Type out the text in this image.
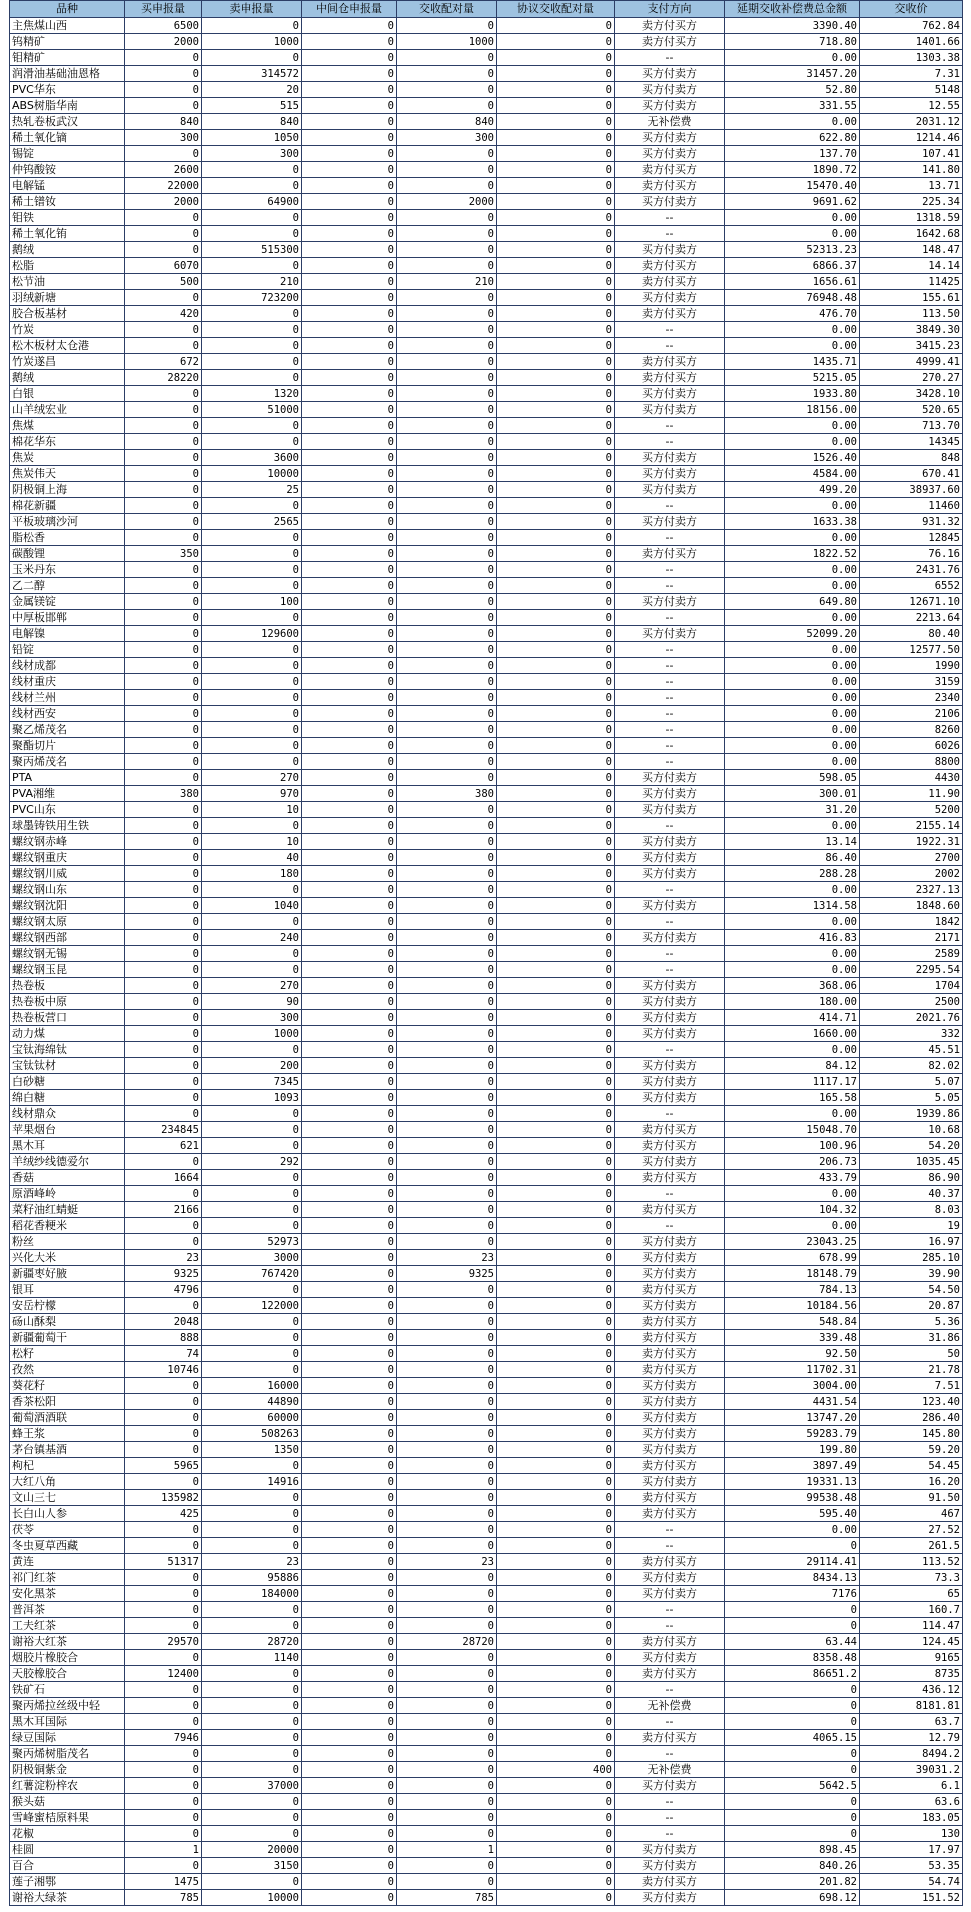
品种	买申报量	卖申报量	中间仓申报量	交收配对量	协议交收配对量	支付方向	延期交收补偿费总金额	交收价
主焦煤山西	6500	0	0	0	0	卖方付买方	3390.40	762.84
钨精矿	2000	1000	0	1000	0	卖方付买方	718.80	1401.66
钼精矿	0	0	0	0	0	--	0.00	1303.38
润滑油基础油恩格	0	314572	0	0	0	买方付卖方	31457.20	7.31
PVC华东	0	20	0	0	0	买方付卖方	52.80	5148
ABS树脂华南	0	515	0	0	0	买方付卖方	331.55	12.55
热轧卷板武汉	840	840	0	840	0	无补偿费	0.00	2031.12
稀土氧化镝	300	1050	0	300	0	买方付卖方	622.80	1214.46
锡锭	0	300	0	0	0	买方付卖方	137.70	107.41
仲钨酸铵	2600	0	0	0	0	卖方付买方	1890.72	141.80
电解锰	22000	0	0	0	0	卖方付买方	15470.40	13.71
稀土镨钕	2000	64900	0	2000	0	买方付卖方	9691.62	225.34
钼铁	0	0	0	0	0	--	0.00	1318.59
稀土氧化铕	0	0	0	0	0	--	0.00	1642.68
鹅绒	0	515300	0	0	0	买方付卖方	52313.23	148.47
松脂	6070	0	0	0	0	卖方付买方	6866.37	14.14
松节油	500	210	0	210	0	卖方付买方	1656.61	11425
羽绒新塘	0	723200	0	0	0	买方付卖方	76948.48	155.61
胶合板基材	420	0	0	0	0	卖方付买方	476.70	113.50
竹炭	0	0	0	0	0	--	0.00	3849.30
松木板材太仓港	0	0	0	0	0	--	0.00	3415.23
竹炭遂昌	672	0	0	0	0	卖方付买方	1435.71	4999.41
鹅绒	28220	0	0	0	0	卖方付买方	5215.05	270.27
白银	0	1320	0	0	0	买方付卖方	1933.80	3428.10
山羊绒宏业	0	51000	0	0	0	买方付卖方	18156.00	520.65
焦煤	0	0	0	0	0	--	0.00	713.70
棉花华东	0	0	0	0	0	--	0.00	14345
焦炭	0	3600	0	0	0	买方付卖方	1526.40	848
焦炭伟天	0	10000	0	0	0	买方付卖方	4584.00	670.41
阴极铜上海	0	25	0	0	0	买方付卖方	499.20	38937.60
棉花新疆	0	0	0	0	0	--	0.00	11460
平板玻璃沙河	0	2565	0	0	0	买方付卖方	1633.38	931.32
脂松香	0	0	0	0	0	--	0.00	12845
碳酸锂	350	0	0	0	0	卖方付买方	1822.52	76.16
玉米丹东	0	0	0	0	0	--	0.00	2431.76
乙二醇	0	0	0	0	0	--	0.00	6552
金属镁锭	0	100	0	0	0	买方付卖方	649.80	12671.10
中厚板邯郸	0	0	0	0	0	--	0.00	2213.64
电解镍	0	129600	0	0	0	买方付卖方	52099.20	80.40
铅锭	0	0	0	0	0	--	0.00	12577.50
线材成都	0	0	0	0	0	--	0.00	1990
线材重庆	0	0	0	0	0	--	0.00	3159
线材兰州	0	0	0	0	0	--	0.00	2340
线材西安	0	0	0	0	0	--	0.00	2106
聚乙烯茂名	0	0	0	0	0	--	0.00	8260
聚酯切片	0	0	0	0	0	--	0.00	6026
聚丙烯茂名	0	0	0	0	0	--	0.00	8800
PTA	0	270	0	0	0	买方付卖方	598.05	4430
PVA湘维	380	970	0	380	0	买方付卖方	300.01	11.90
PVC山东	0	10	0	0	0	买方付卖方	31.20	5200
球墨铸铁用生铁	0	0	0	0	0	--	0.00	2155.14
螺纹钢赤峰	0	10	0	0	0	买方付卖方	13.14	1922.31
螺纹钢重庆	0	40	0	0	0	买方付卖方	86.40	2700
螺纹钢川威	0	180	0	0	0	买方付卖方	288.28	2002
螺纹钢山东	0	0	0	0	0	--	0.00	2327.13
螺纹钢沈阳	0	1040	0	0	0	买方付卖方	1314.58	1848.60
螺纹钢太原	0	0	0	0	0	--	0.00	1842
螺纹钢西部	0	240	0	0	0	买方付卖方	416.83	2171
螺纹钢无锡	0	0	0	0	0	--	0.00	2589
螺纹钢玉昆	0	0	0	0	0	--	0.00	2295.54
热卷板	0	270	0	0	0	买方付卖方	368.06	1704
热卷板中原	0	90	0	0	0	买方付卖方	180.00	2500
热卷板营口	0	300	0	0	0	买方付卖方	414.71	2021.76
动力煤	0	1000	0	0	0	买方付卖方	1660.00	332
宝钛海绵钛	0	0	0	0	0	--	0.00	45.51
宝钛钛材	0	200	0	0	0	买方付卖方	84.12	82.02
白砂糖	0	7345	0	0	0	买方付卖方	1117.17	5.07
绵白糖	0	1093	0	0	0	买方付卖方	165.58	5.05
线材鼎众	0	0	0	0	0	--	0.00	1939.86
苹果烟台	234845	0	0	0	0	卖方付买方	15048.70	10.68
黑木耳	621	0	0	0	0	卖方付买方	100.96	54.20
羊绒纱线德爱尔	0	292	0	0	0	买方付卖方	206.73	1035.45
香菇	1664	0	0	0	0	卖方付买方	433.79	86.90
原酒峰岭	0	0	0	0	0	--	0.00	40.37
菜籽油红蜻蜓	2166	0	0	0	0	卖方付买方	104.32	8.03
稻花香粳米	0	0	0	0	0	--	0.00	19
粉丝	0	52973	0	0	0	买方付卖方	23043.25	16.97
兴化大米	23	3000	0	23	0	买方付卖方	678.99	285.10
新疆枣好腋	9325	767420	0	9325	0	买方付卖方	18148.79	39.90
银耳	4796	0	0	0	0	卖方付买方	784.13	54.50
安岳柠檬	0	122000	0	0	0	买方付卖方	10184.56	20.87
砀山酥梨	2048	0	0	0	0	卖方付买方	548.84	5.36
新疆葡萄干	888	0	0	0	0	卖方付买方	339.48	31.86
松籽	74	0	0	0	0	卖方付买方	92.50	50
孜然	10746	0	0	0	0	卖方付买方	11702.31	21.78
葵花籽	0	16000	0	0	0	买方付卖方	3004.00	7.51
香茶松阳	0	44890	0	0	0	买方付卖方	4431.54	123.40
葡萄酒酒联	0	60000	0	0	0	买方付卖方	13747.20	286.40
蜂王浆	0	508263	0	0	0	买方付卖方	59283.79	145.80
茅台镇基酒	0	1350	0	0	0	买方付卖方	199.80	59.20
枸杞	5965	0	0	0	0	卖方付买方	3897.49	54.45
大红八角	0	14916	0	0	0	买方付卖方	19331.13	16.20
文山三七	135982	0	0	0	0	卖方付买方	99538.48	91.50
长白山人参	425	0	0	0	0	卖方付买方	595.40	467
茯苓	0	0	0	0	0	--	0.00	27.52
冬虫夏草西藏	0	0	0	0	0	--	0	261.5
黄连	51317	23	0	23	0	卖方付买方	29114.41	113.52
祁门红茶	0	95886	0	0	0	买方付卖方	8434.13	73.3
安化黑茶	0	184000	0	0	0	买方付卖方	7176	65
普洱茶	0	0	0	0	0	--	0	160.7
工夫红茶	0	0	0	0	0	--	0	114.47
谢裕大红茶	29570	28720	0	28720	0	卖方付买方	63.44	124.45
烟胶片橡胶合	0	1140	0	0	0	买方付卖方	8358.48	9165
天胶橡胶合	12400	0	0	0	0	卖方付买方	86651.2	8735
铁矿石	0	0	0	0	0	--	0	436.12
聚丙烯拉丝级中轻	0	0	0	0	0	无补偿费	0	8181.81
黑木耳国际	0	0	0	0	0	--	0	63.7
绿豆国际	7946	0	0	0	0	卖方付买方	4065.15	12.79
聚丙烯树脂茂名	0	0	0	0	0	--	0	8494.2
阴极铜紫金	0	0	0	0	400	无补偿费	0	39031.2
红薯淀粉梓农	0	37000	0	0	0	买方付卖方	5642.5	6.1
猴头菇	0	0	0	0	0	--	0	63.6
雪峰蜜桔原料果	0	0	0	0	0	--	0	183.05
花椒	0	0	0	0	0	--	0	130
桂圆	1	20000	0	1	0	买方付卖方	898.45	17.97
百合	0	3150	0	0	0	买方付卖方	840.26	53.35
莲子湘鄂	1475	0	0	0	0	卖方付买方	201.82	54.74
谢裕大绿茶	785	10000	0	785	0	买方付卖方	698.12	151.52
